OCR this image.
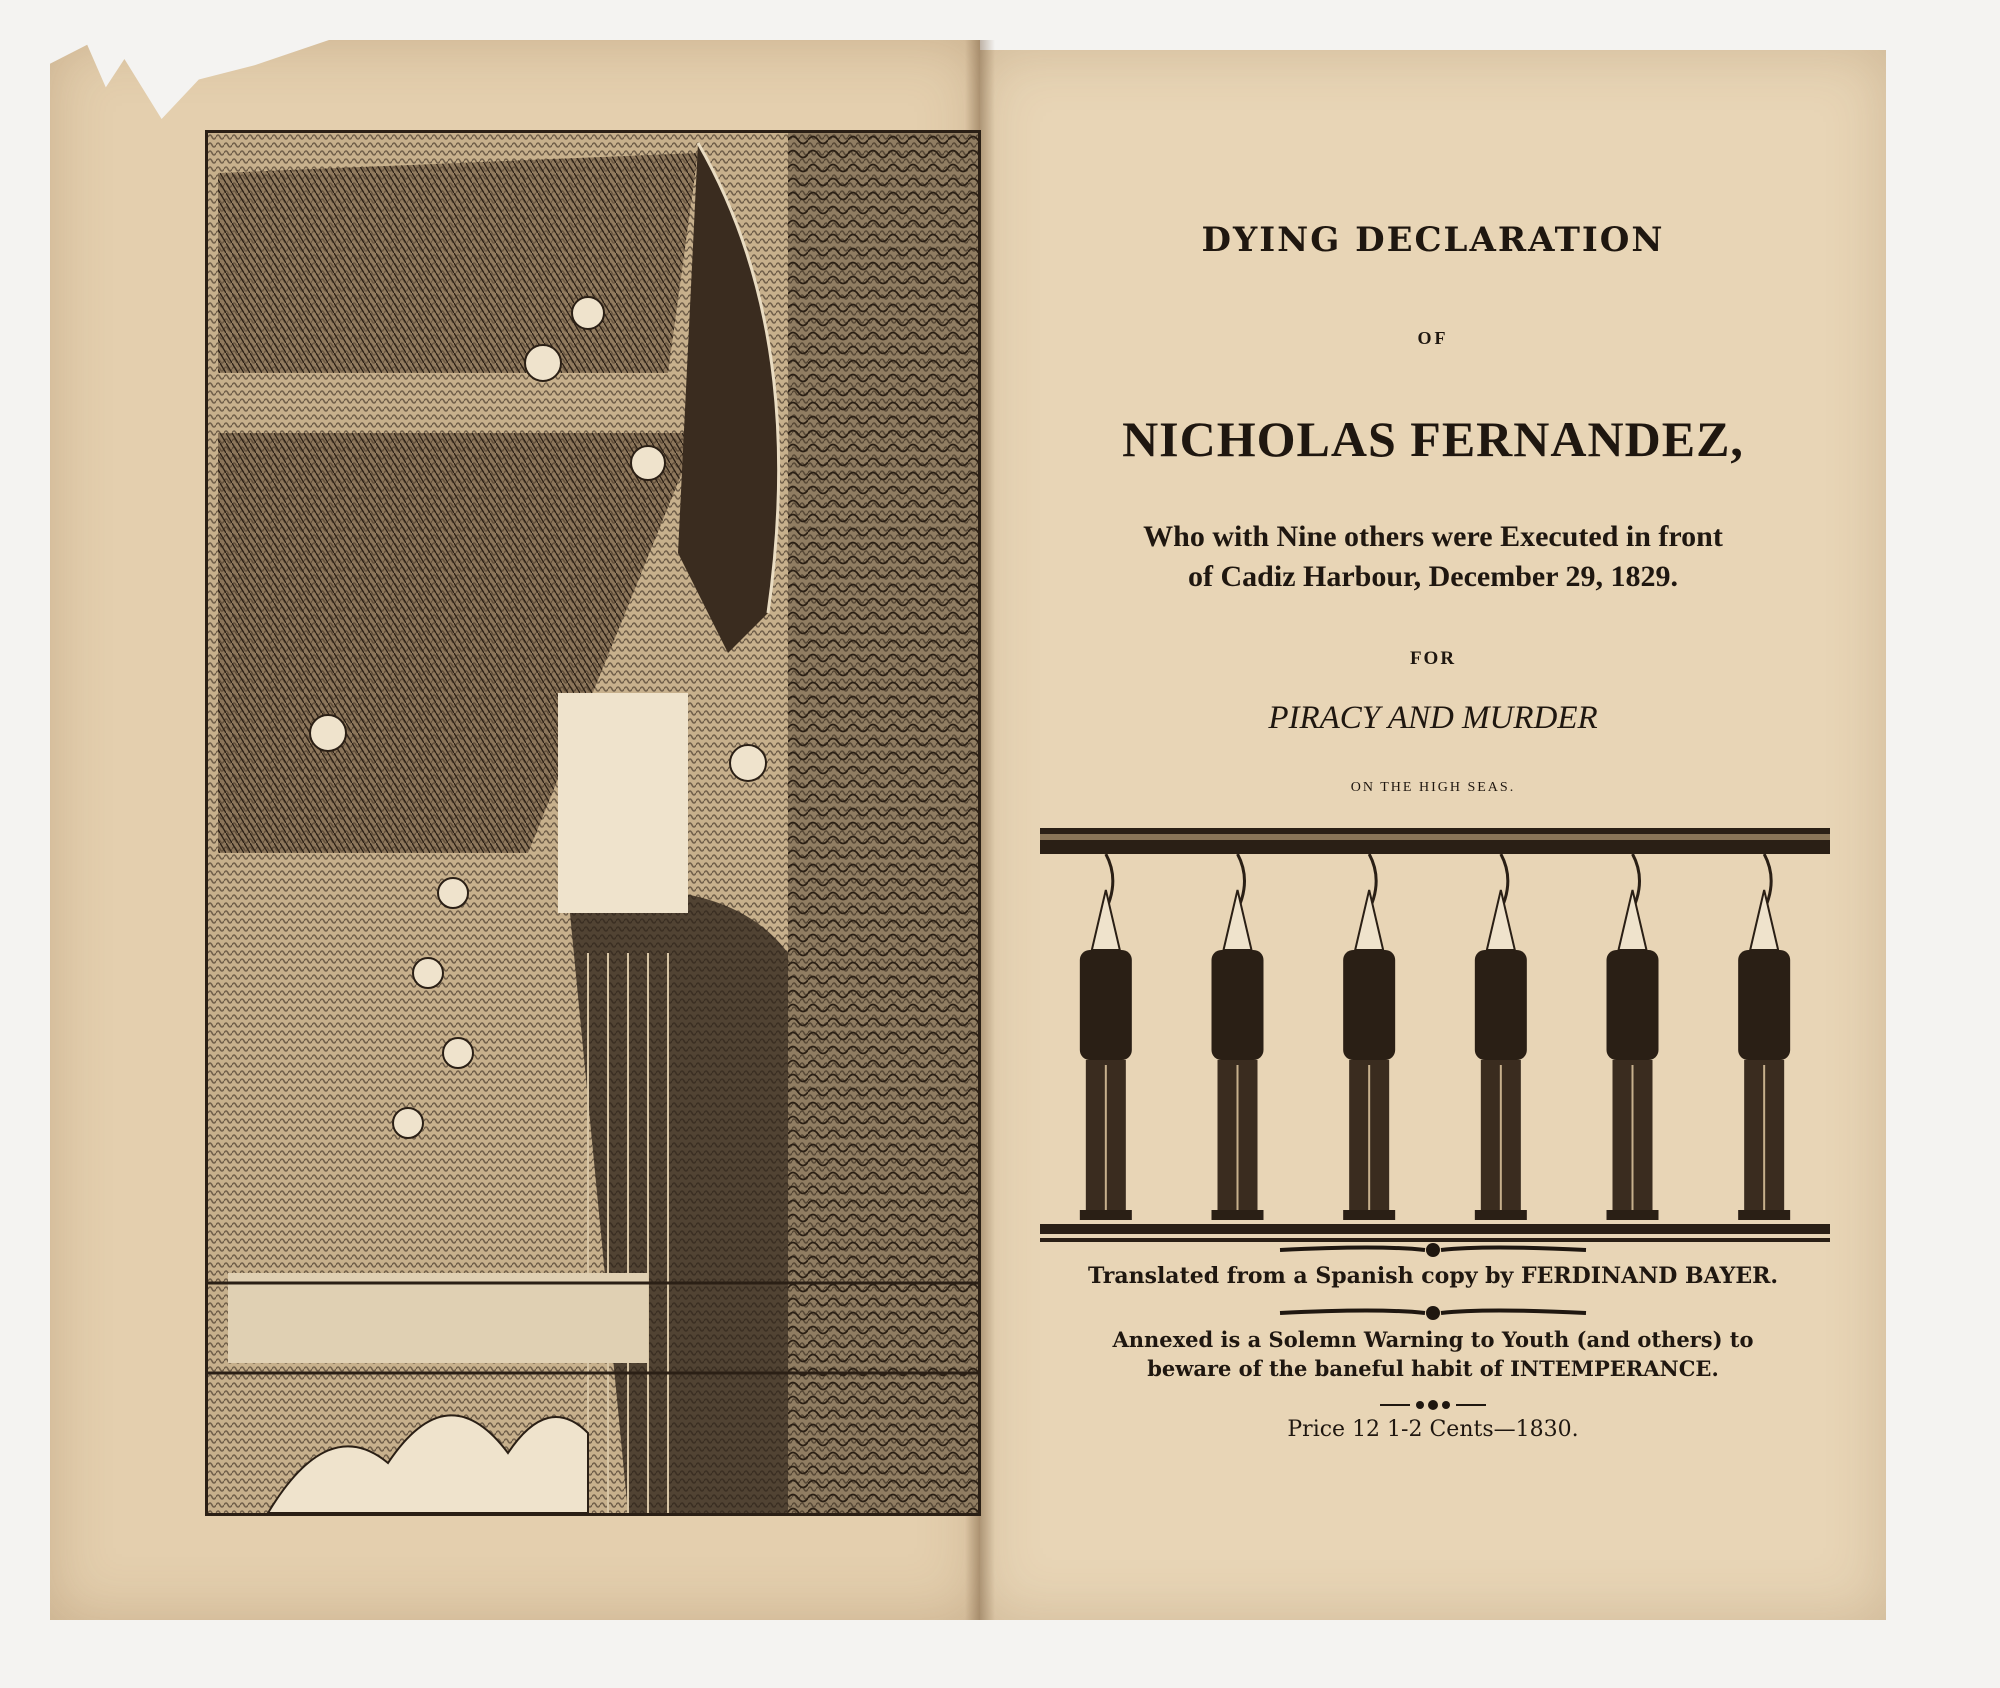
DYING DECLARATION
OF
NICHOLAS FERNANDEZ,
Who with Nine others were Executed in front
of Cadiz Harbour, December 29, 1829.
FOR
PIRACY AND MURDER
ON THE HIGH SEAS.
Translated from a Spanish copy by FERDINAND BAYER.
Annexed is a Solemn Warning to Youth (and others) to
beware of the baneful habit of INTEMPERANCE.
Price 12 1-2 Cents—1830.
